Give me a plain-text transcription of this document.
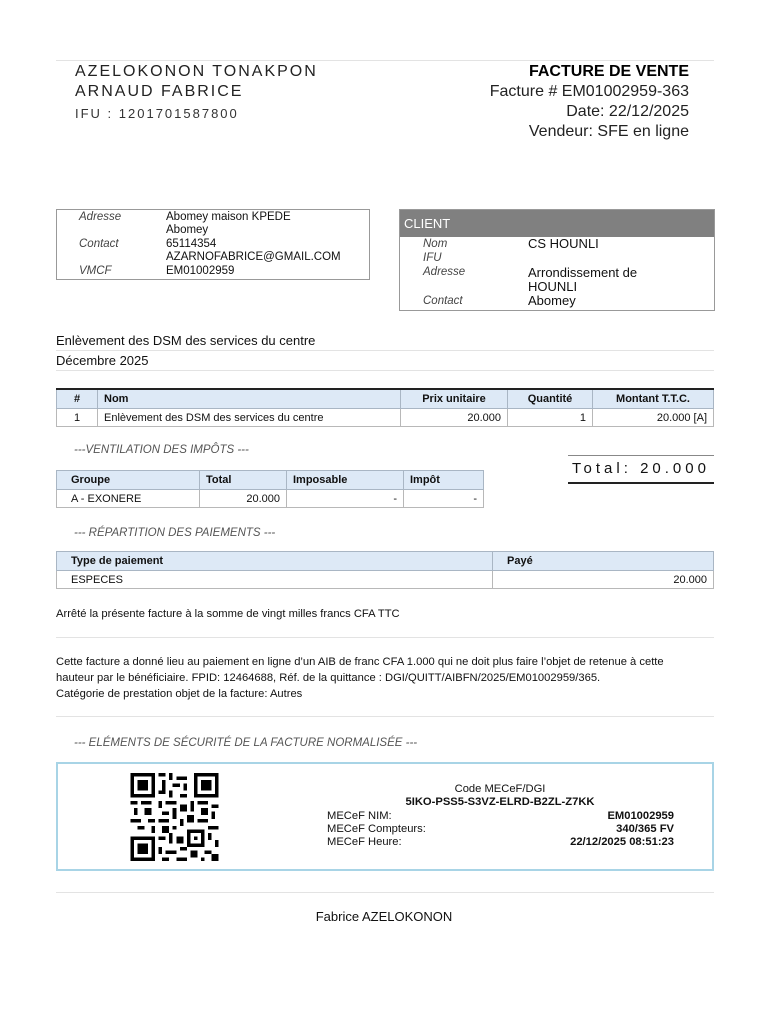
AZELOKONON TONAKPON
ARNAUD FABRICE
IFU : 1201701587800
FACTURE DE VENTE
Facture # EM01002959-363
Date: 22/12/2025
Vendeur: SFE en ligne
Adresse	Abomey maison KPEDE
Abomey
Contact	65114354
AZARNOFABRICE@GMAIL.COM
VMCF	EM01002959
CLIENT
Nom	CS HOUNLI
IFU
Adresse	Arrondissement de
HOUNLI
Contact	Abomey
Enlèvement des DSM des services du centre
Décembre 2025
#	Nom	Prix unitaire	Quantité	Montant T.T.C.
1	Enlèvement des DSM des services du centre	20.000	1	20.000 [A]
---VENTILATION DES IMPÔTS ---
Groupe	Total	Imposable	Impôt
A - EXONERE	20.000	-	-
Total: 20.000
--- RÉPARTITION DES PAIEMENTS ---
Type de paiement	Payé
ESPECES	20.000
Arrêté la présente facture à la somme de vingt milles francs CFA TTC
Cette facture a donné lieu au paiement en ligne d’un AIB de franc CFA 1.000 qui ne doit plus faire l’objet de retenue à cette
hauteur par le bénéficiaire. FPID: 12464688, Réf. de la quittance : DGI/QUITT/AIBFN/2025/EM01002959/365.
Catégorie de prestation objet de la facture: Autres
--- ELÉMENTS DE SÉCURITÉ DE LA FACTURE NORMALISÉE ---
Code MECeF/DGI
5IKO-PSS5-S3VZ-ELRD-B2ZL-Z7KK
MECeF NIM:	EM01002959
MECeF Compteurs:	340/365 FV
MECeF Heure:	22/12/2025 08:51:23
Fabrice AZELOKONON
